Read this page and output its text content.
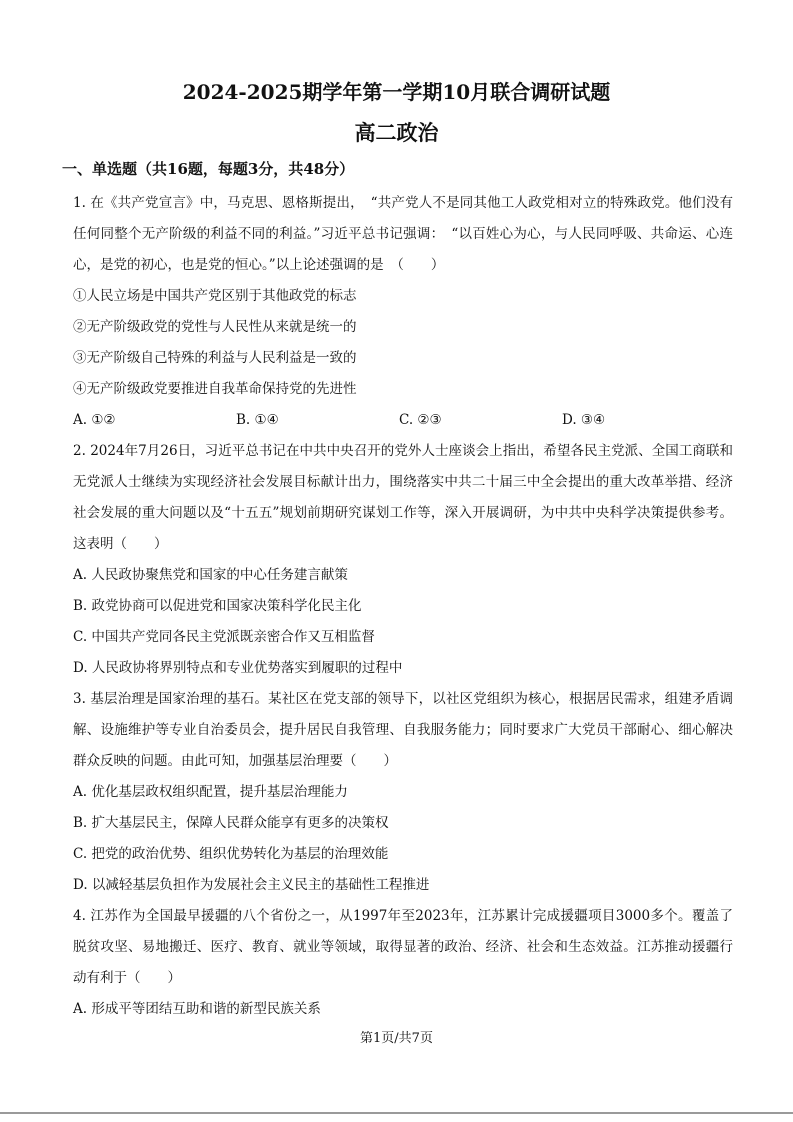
2024-2025期学年第一学期10月联合调研试题
高二政治
一、单选题（共16题，每题3分，共48分）

1. 在《共产党宣言》中，马克思、恩格斯提出，　“共产党人不是同其他工人政党相对立的特殊政党。他们没有任何同整个无产阶级的利益不同的利益。”习近平总书记强调：　“以百姓心为心，与人民同呼吸、共命运、心连心，是党的初心，也是党的恒心。”以上论述强调的是　（　　）

①人民立场是中国共产党区别于其他政党的标志
②无产阶级政党的党性与人民性从来就是统一的
③无产阶级自己特殊的利益与人民利益是一致的
④无产阶级政党要推进自我革命保持党的先进性
A. ①②	B. ①④	C. ②③	D. ③④

2. 2024年7月26日，习近平总书记在中共中央召开的党外人士座谈会上指出，希望各民主党派、全国工商联和无党派人士继续为实现经济社会发展目标献计出力，围绕落实中共二十届三中全会提出的重大改革举措、经济社会发展的重大问题以及“十五五”规划前期研究谋划工作等，深入开展调研，为中共中央科学决策提供参考。这表明（　　）

A. 人民政协聚焦党和国家的中心任务建言献策
B. 政党协商可以促进党和国家决策科学化民主化
C. 中国共产党同各民主党派既亲密合作又互相监督
D. 人民政协将界别特点和专业优势落实到履职的过程中

3. 基层治理是国家治理的基石。某社区在党支部的领导下，以社区党组织为核心，根据居民需求，组建矛盾调解、设施维护等专业自治委员会，提升居民自我管理、自我服务能力；同时要求广大党员干部耐心、细心解决群众反映的问题。由此可知，加强基层治理要（　　）

A. 优化基层政权组织配置，提升基层治理能力
B. 扩大基层民主，保障人民群众能享有更多的决策权
C. 把党的政治优势、组织优势转化为基层的治理效能
D. 以减轻基层负担作为发展社会主义民主的基础性工程推进

4. 江苏作为全国最早援疆的八个省份之一，从1997年至2023年，江苏累计完成援疆项目3000多个。覆盖了脱贫攻坚、易地搬迁、医疗、教育、就业等领域，取得显著的政治、经济、社会和生态效益。江苏推动援疆行动有利于（　　）

A. 形成平等团结互助和谐的新型民族关系
第1页/共7页
